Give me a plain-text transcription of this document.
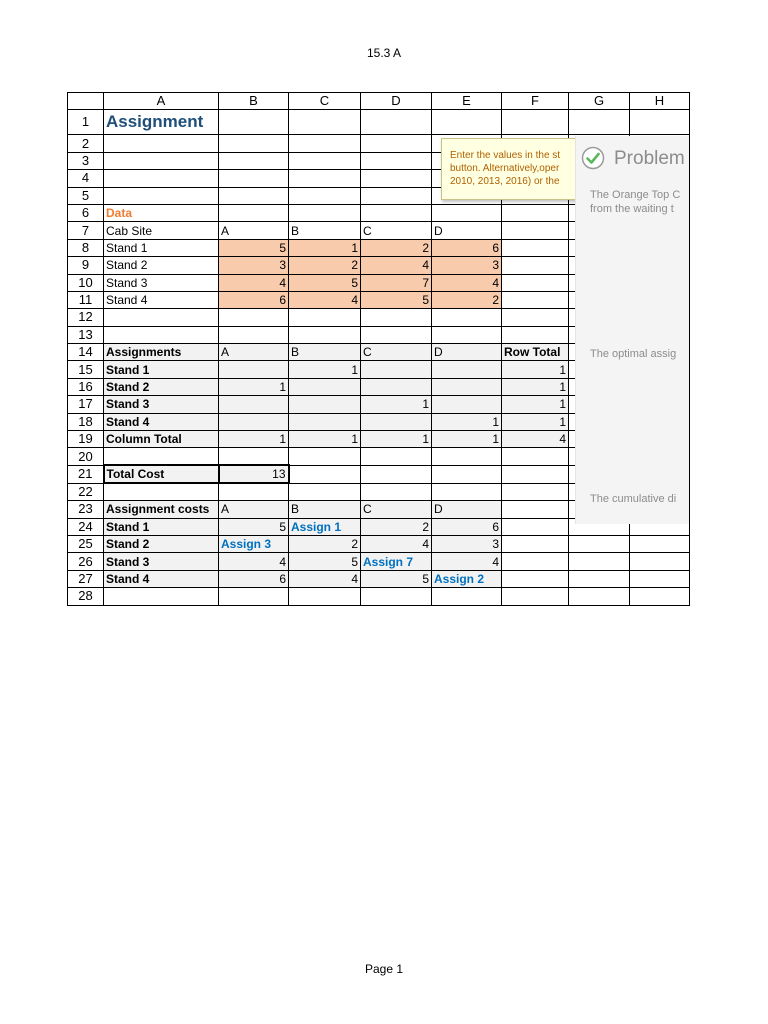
15.3 A
	A	B	C	D	E	F	G	H
1	Assignment							
2								
3								
4								
5								
6	Data							
7	Cab Site	A	B	C	D			
8	Stand 1	5	1	2	6			
9	Stand 2	3	2	4	3			
10	Stand 3	4	5	7	4			
11	Stand 4	6	4	5	2			
12								
13								
14	Assignments	A	B	C	D	Row Total		
15	Stand 1		1			1		
16	Stand 2	1				1		
17	Stand 3			1		1		
18	Stand 4				1	1		
19	Column Total	1	1	1	1	4		
20								
21	Total Cost	13						
22								
23	Assignment costs	A	B	C	D			
24	Stand 1	5	Assign 1	2	6			
25	Stand 2	Assign 3	2	4	3			
26	Stand 3	4	5	Assign 7	4			
27	Stand 4	6	4	5	Assign 2			
28								
Enter the values in the st
button. Alternatively,oper
2010, 2013, 2016) or the
Problem
The Orange Top C
from the waiting t
The optimal assig
The cumulative di
Page 1
